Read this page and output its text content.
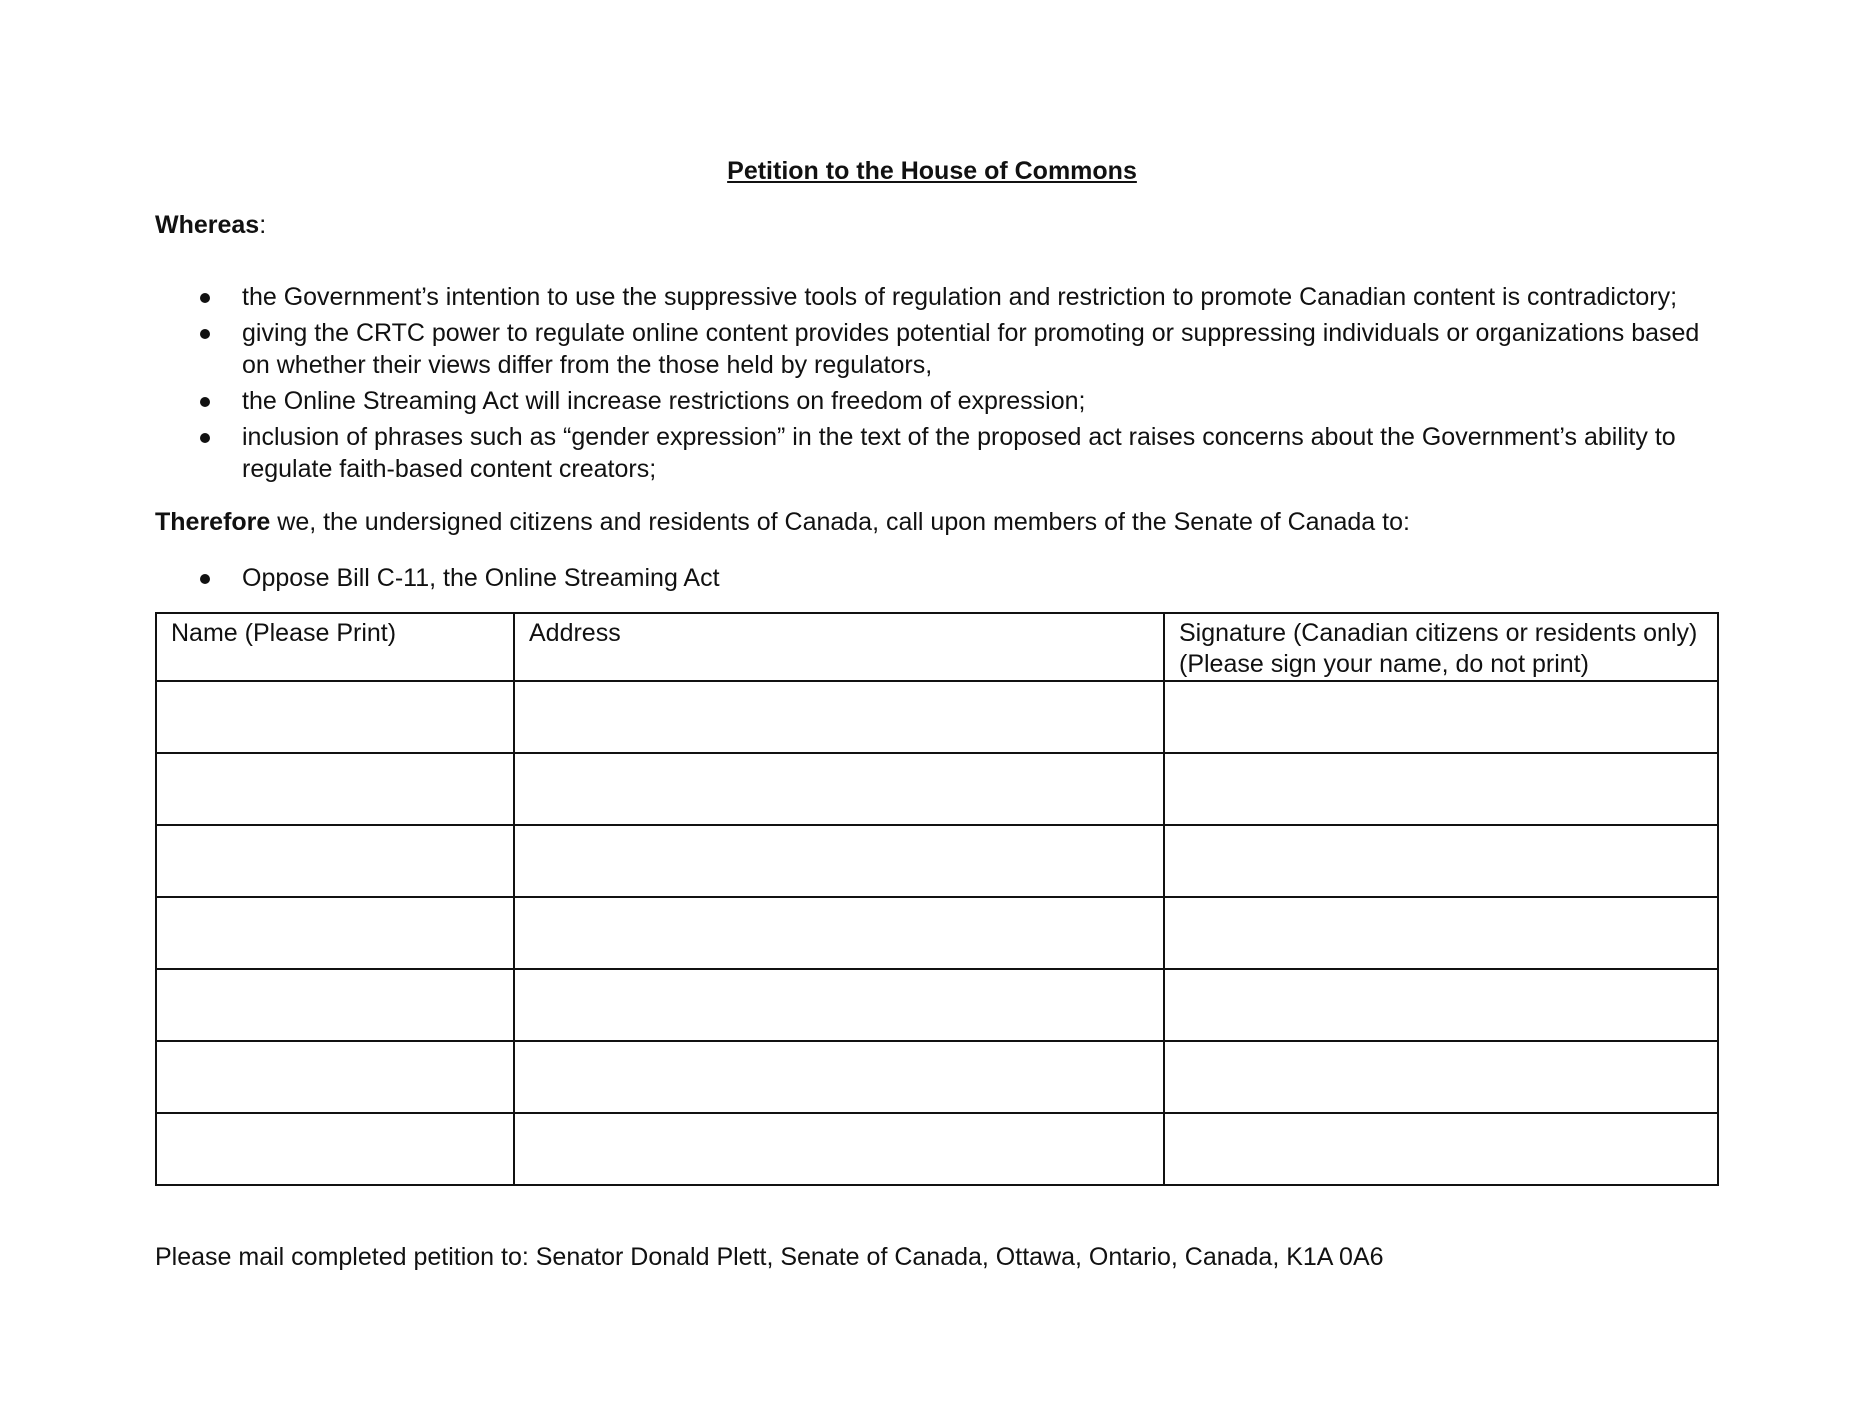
Petition to the House of Commons
Whereas:
the Government’s intention to use the suppressive tools of regulation and restriction to promote Canadian content is contradictory;
giving the CRTC power to regulate online content provides potential for promoting or suppressing individuals or organizations based on whether their views differ from the those held by regulators,
the Online Streaming Act will increase restrictions on freedom of expression;
inclusion of phrases such as “gender expression” in the text of the proposed act raises concerns about the Government’s ability to regulate faith-based content creators;
Therefore we, the undersigned citizens and residents of Canada, call upon members of the Senate of Canada to:
Oppose Bill C-11, the Online Streaming Act
Name (Please Print)	Address	Signature (Canadian citizens or residents only)
(Please sign your name, do not print)

Please mail completed petition to: Senator Donald Plett, Senate of Canada, Ottawa, Ontario, Canada, K1A 0A6
